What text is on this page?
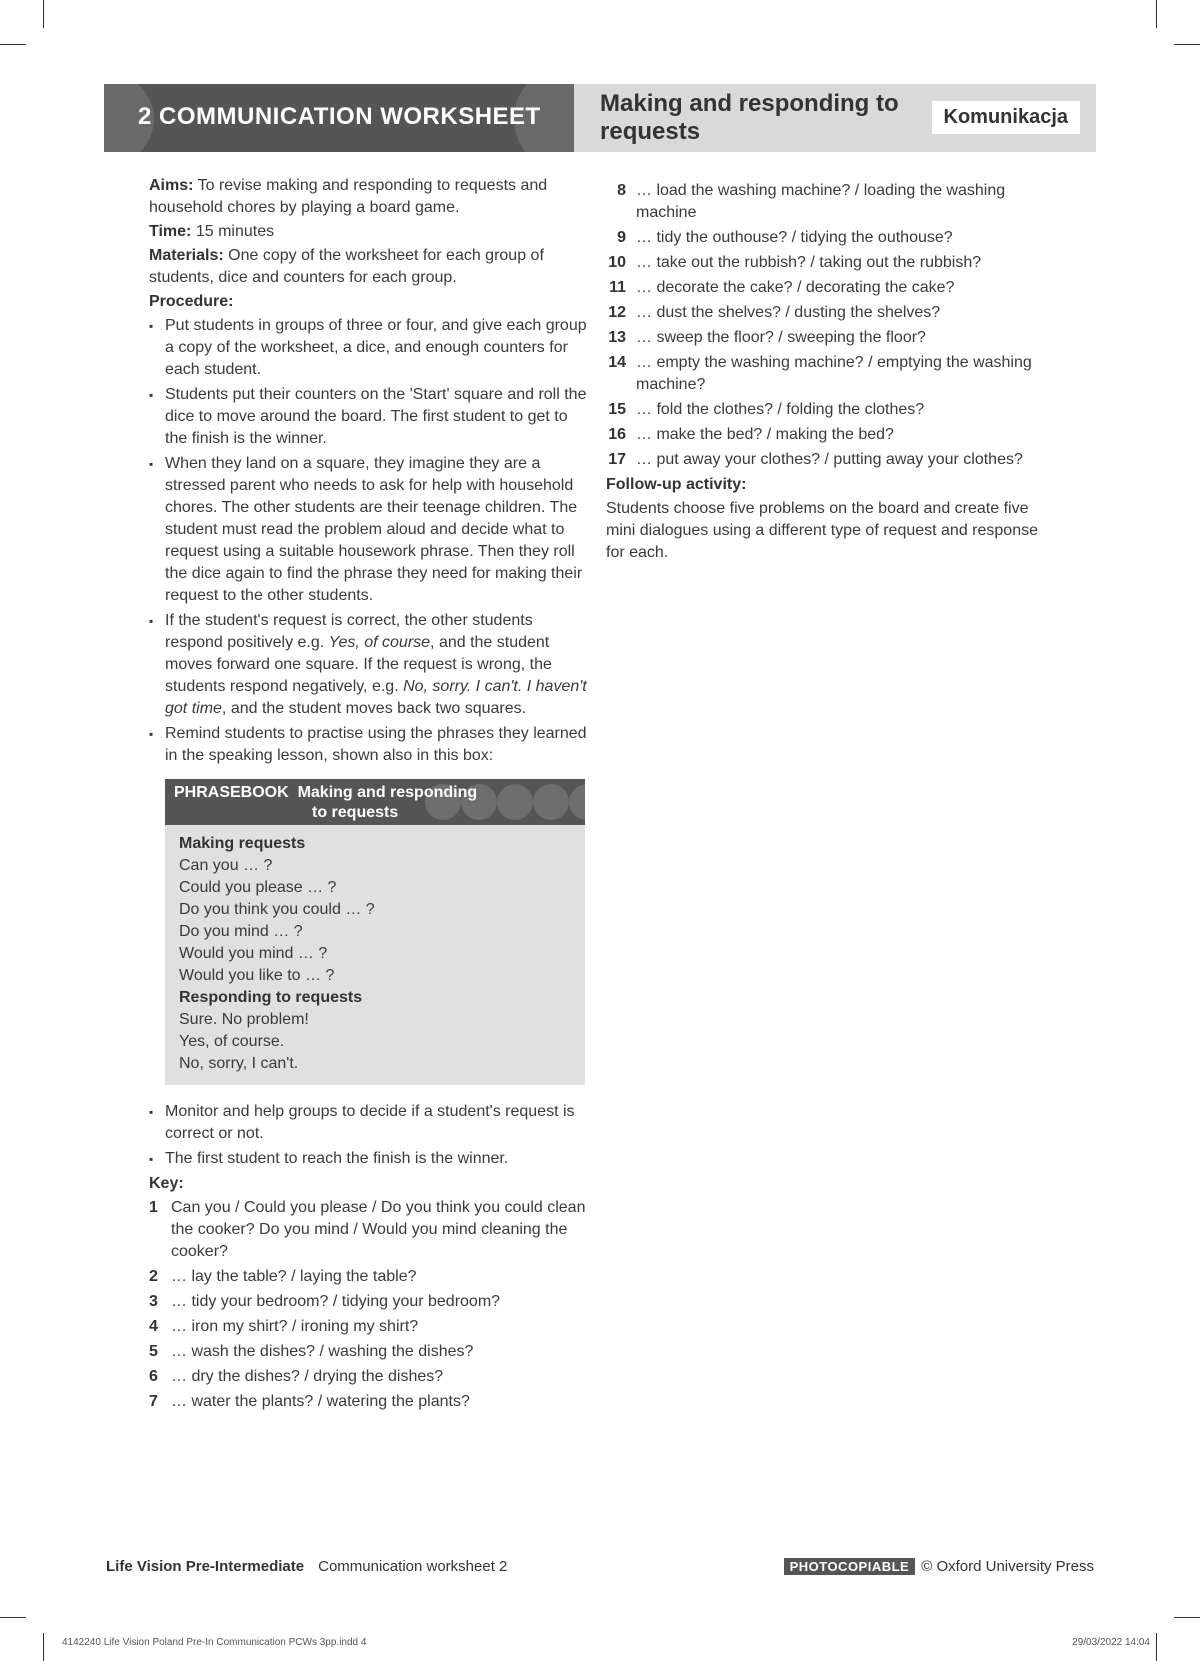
2 COMMUNICATION WORKSHEET Making and responding to requests
Komunikacja

Aims: To revise making and responding to requests and household chores by playing a board game.

Time: 15 minutes

Materials: One copy of the worksheet for each group of students, dice and counters for each group.

Procedure:

▪ Put students in groups of three or four, and give each group a copy of the worksheet, a dice, and enough counters for each student.
▪ Students put their counters on the 'Start' square and roll the dice to move around the board. The first student to get to the finish is the winner.
▪ When they land on a square, they imagine they are a stressed parent who needs to ask for help with household chores. The other students are their teenage children. The student must read the problem aloud and decide what to request using a suitable housework phrase. Then they roll the dice again to find the phrase they need for making their request to the other students.
▪ If the student's request is correct, the other students respond positively e.g. Yes, of course, and the student moves forward one square. If the request is wrong, the students respond negatively, e.g. No, sorry. I can't. I haven't got time, and the student moves back two squares.
▪ Remind students to practise using the phrases they learned in the speaking lesson, shown also in this box:
PHRASEBOOK Making and responding
to requests
Making requests
Can you … ?
Could you please … ?
Do you think you could … ?
Do you mind … ?
Would you mind … ?
Would you like to … ?
Responding to requests
Sure. No problem!
Yes, of course.
No, sorry, I can't.
▪ Monitor and help groups to decide if a student's request is correct or not.
▪ The first student to reach the finish is the winner.

Key:

1 Can you / Could you please / Do you think you could clean the cooker? Do you mind / Would you mind cleaning the cooker?
2 … lay the table? / laying the table?
3 … tidy your bedroom? / tidying your bedroom?
4 … iron my shirt? / ironing my shirt?
5 … wash the dishes? / washing the dishes?
6 … dry the dishes? / drying the dishes?
7 … water the plants? / watering the plants?
8 … load the washing machine? / loading the washing machine
9 … tidy the outhouse? / tidying the outhouse?
10 … take out the rubbish? / taking out the rubbish?
11 … decorate the cake? / decorating the cake?
12 … dust the shelves? / dusting the shelves?
13 … sweep the floor? / sweeping the floor?
14 … empty the washing machine? / emptying the washing machine?
15 … fold the clothes? / folding the clothes?
16 … make the bed? / making the bed?
17 … put away your clothes? / putting away your clothes?

Follow-up activity:

Students choose five problems on the board and create five mini dialogues using a different type of request and response for each.

Life Vision Pre-Intermediate Communication worksheet 2	PHOTOCOPIABLE © Oxford University Press
4142240 Life Vision Poland Pre-In Communication PCWs 3pp.indd 4	29/03/2022 14:04
